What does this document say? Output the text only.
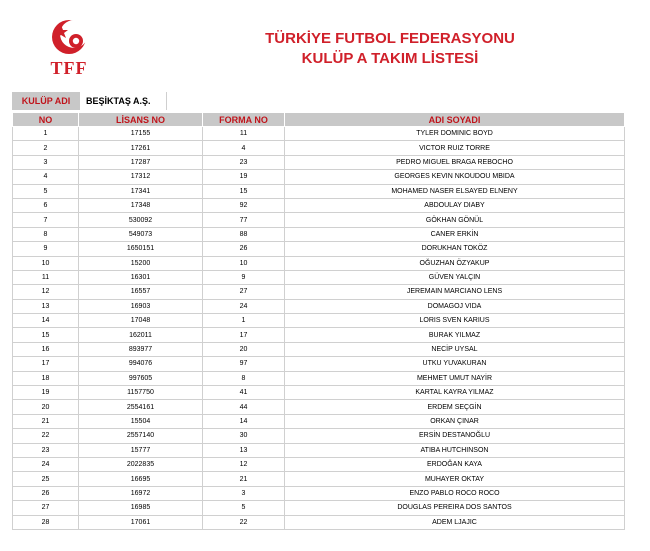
TFF
TÜRKİYE FUTBOL FEDERASYONU
KULÜP A TAKIM LİSTESİ
KULÜP ADI	BEŞİKTAŞ A.Ş.
NO	LİSANS NO	FORMA NO	ADI SOYADI
1	17155	11	TYLER DOMINIC BOYD
2	17261	4	VICTOR RUIZ TORRE
3	17287	23	PEDRO MIGUEL BRAGA REBOCHO
4	17312	19	GEORGES KEVIN NKOUDOU MBIDA
5	17341	15	MOHAMED NASER ELSAYED ELNENY
6	17348	92	ABDOULAY DIABY
7	530092	77	GÖKHAN GÖNÜL
8	549073	88	CANER ERKİN
9	1650151	26	DORUKHAN TOKÖZ
10	15200	10	OĞUZHAN ÖZYAKUP
11	16301	9	GÜVEN YALÇIN
12	16557	27	JEREMAIN MARCIANO LENS
13	16903	24	DOMAGOJ VIDA
14	17048	1	LORIS SVEN KARIUS
15	162011	17	BURAK YILMAZ
16	893977	20	NECİP UYSAL
17	994076	97	UTKU YUVAKURAN
18	997605	8	MEHMET UMUT NAYİR
19	1157750	41	KARTAL KAYRA YILMAZ
20	2554161	44	ERDEM SEÇGİN
21	15504	14	ORKAN ÇINAR
22	2557140	30	ERSİN DESTANOĞLU
23	15777	13	ATIBA HUTCHINSON
24	2022835	12	ERDOĞAN KAYA
25	16695	21	MUHAYER OKTAY
26	16972	3	ENZO PABLO ROCO ROCO
27	16985	5	DOUGLAS PEREIRA DOS SANTOS
28	17061	22	ADEM LJAJIC
